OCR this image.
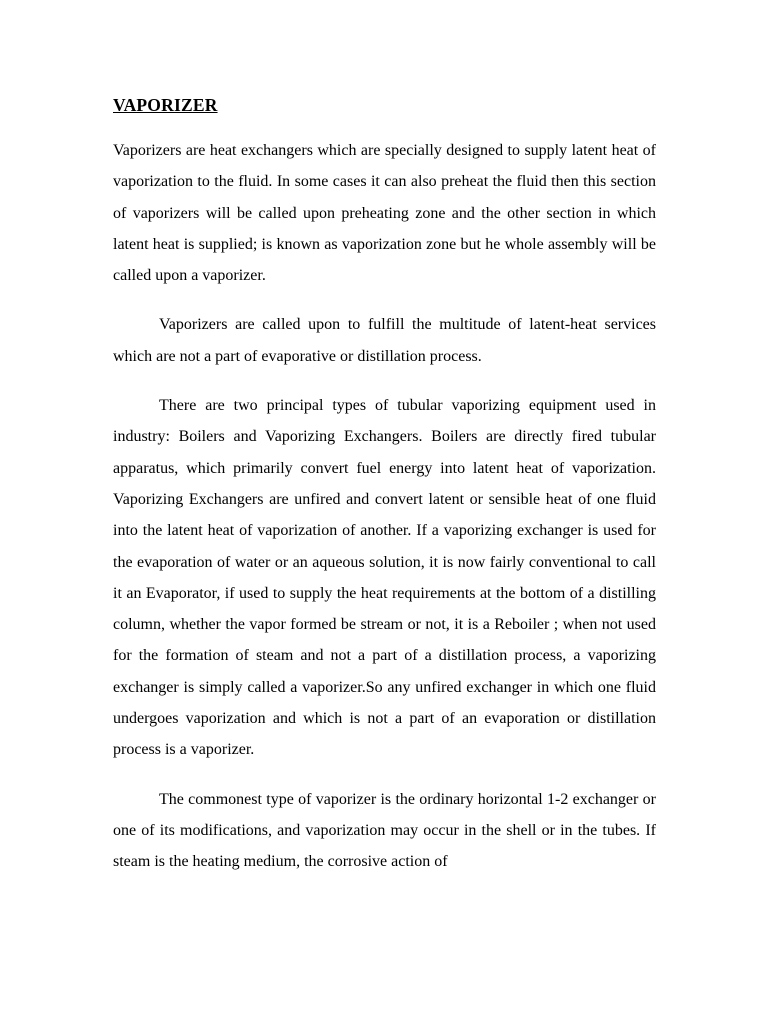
VAPORIZER

Vaporizers are heat exchangers which are specially designed to supply latent heat of vaporization to the fluid. In some cases it can also preheat the fluid then this section of vaporizers will be called upon preheating zone and the other section in which latent heat is supplied; is known as vaporization zone but he whole assembly will be called upon a vaporizer.

Vaporizers are called upon to fulfill the multitude of latent-heat services which are not a part of evaporative or distillation process.

There are two principal types of tubular vaporizing equipment used in industry: Boilers and Vaporizing Exchangers. Boilers are directly fired tubular apparatus, which primarily convert fuel energy into latent heat of vaporization. Vaporizing Exchangers are unfired and convert latent or sensible heat of one fluid into the latent heat of vaporization of another. If a vaporizing exchanger is used for the evaporation of water or an aqueous solution, it is now fairly conventional to call it an Evaporator, if used to supply the heat requirements at the bottom of a distilling column, whether the vapor formed be stream or not, it is a Reboiler ; when not used for the formation of steam and not a part of a distillation process, a vaporizing exchanger is simply called a vaporizer.So any unfired exchanger in which one fluid undergoes vaporization and which is not a part of an evaporation or distillation process is a vaporizer.

The commonest type of vaporizer is the ordinary horizontal 1-2 exchanger or one of its modifications, and vaporization may occur in the shell or in the tubes. If steam is the heating medium, the corrosive action of
